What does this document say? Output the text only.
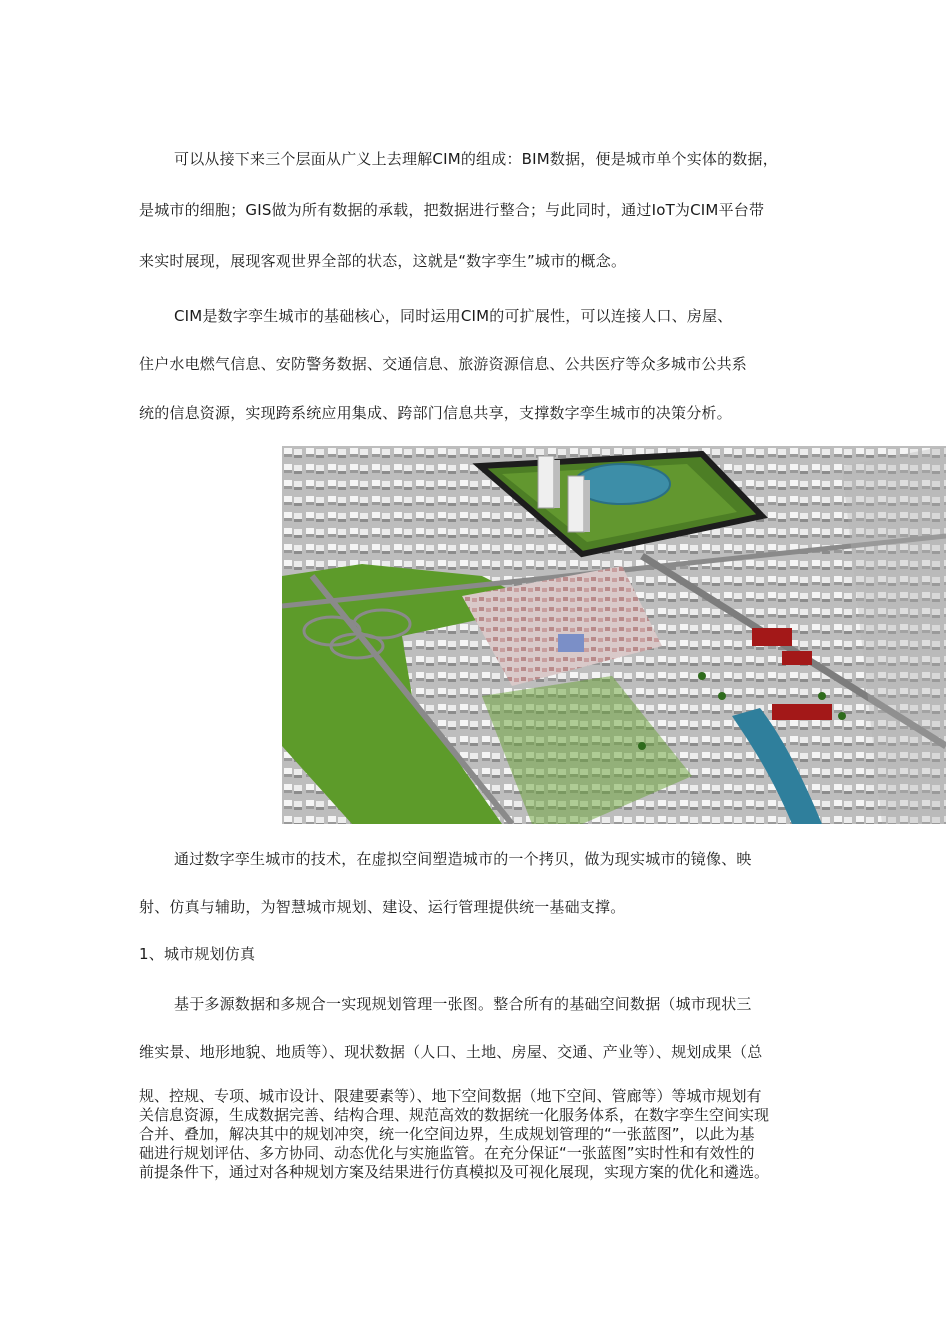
可以从接下来三个层面从广义上去理解CIM的组成：BIM数据，便是城市单个实体的数据，
是城市的细胞；GIS做为所有数据的承载，把数据进行整合；与此同时，通过IoT为CIM平台带
来实时展现，展现客观世界全部的状态，这就是“数字孪生”城市的概念。
CIM是数字孪生城市的基础核心，同时运用CIM的可扩展性，可以连接人口、房屋、
住户水电燃气信息、安防警务数据、交通信息、旅游资源信息、公共医疗等众多城市公共系
统的信息资源，实现跨系统应用集成、跨部门信息共享，支撑数字孪生城市的决策分析。
通过数字孪生城市的技术，在虚拟空间塑造城市的一个拷贝，做为现实城市的镜像、映
射、仿真与辅助，为智慧城市规划、建设、运行管理提供统一基础支撑。
1、城市规划仿真
基于多源数据和多规合一实现规划管理一张图。整合所有的基础空间数据（城市现状三
维实景、地形地貌、地质等）、现状数据（人口、土地、房屋、交通、产业等）、规划成果（总
规、控规、专项、城市设计、限建要素等）、地下空间数据（地下空间、管廊等）等城市规划有
关信息资源，生成数据完善、结构合理、规范高效的数据统一化服务体系，在数字孪生空间实现
合并、叠加，解决其中的规划冲突，统一化空间边界，生成规划管理的“一张蓝图”，以此为基
础进行规划评估、多方协同、动态优化与实施监管。在充分保证“一张蓝图”实时性和有效性的
前提条件下，通过对各种规划方案及结果进行仿真模拟及可视化展现，实现方案的优化和遴选。
